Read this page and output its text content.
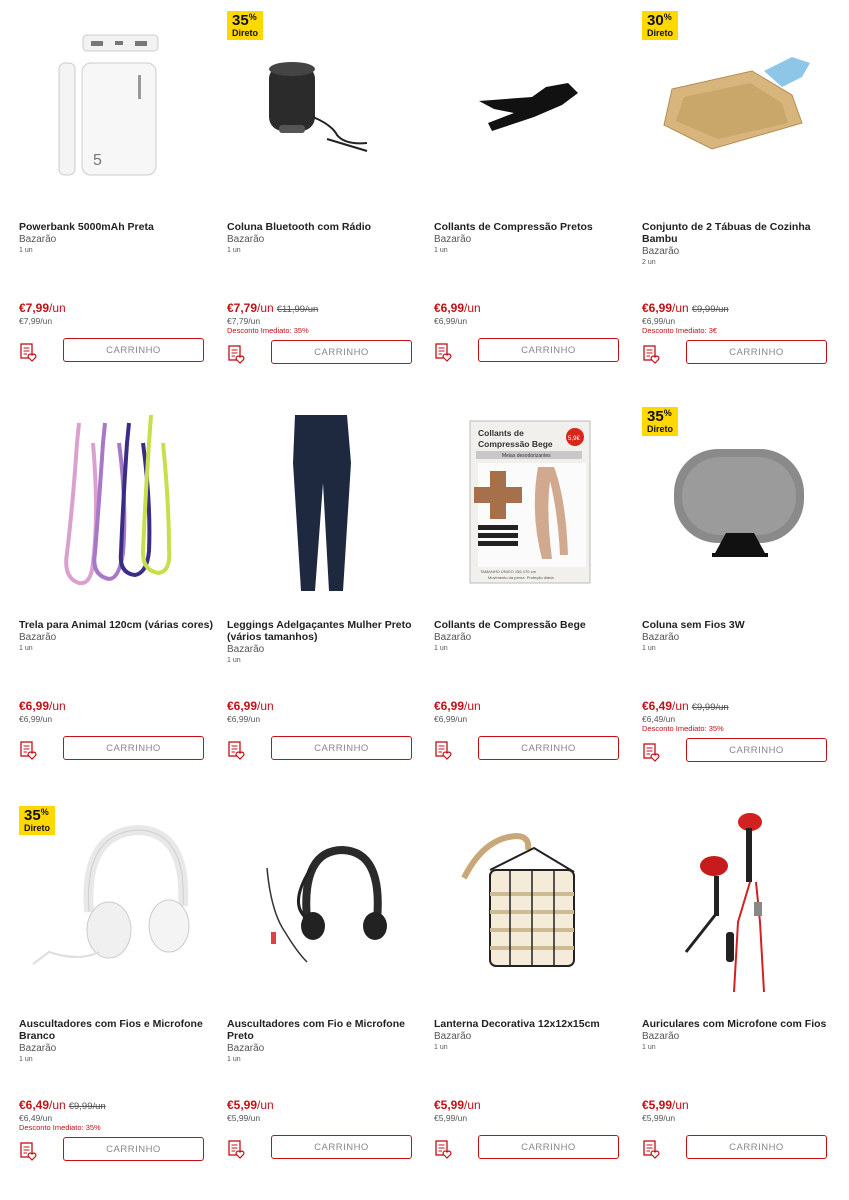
5
Powerbank 5000mAh Preta
Bazarão
1 un
€7,99/un
€7,99/un
CARRINHO
35%
Direto
Coluna Bluetooth com Rádio
Bazarão
1 un
€7,79/un €11,99/un
€7,79/un
Desconto Imediato: 35%
CARRINHO
Collants de Compressão Pretos
Bazarão
1 un
€6,99/un
€6,99/un
CARRINHO
30%
Direto
Conjunto de 2 Tábuas de Cozinha Bambu
Bazarão
2 un
€6,99/un €9,99/un
€6,99/un
Desconto Imediato: 3€
CARRINHO
Trela para Animal 120cm (várias cores)
Bazarão
1 un
€6,99/un
€6,99/un
CARRINHO
Leggings Adelgaçantes Mulher Preto (vários tamanhos)
Bazarão
1 un
€6,99/un
€6,99/un
CARRINHO
Collants de
Compressão Bege	5,9€
Meias desodorizantes
TAMANHO ÚNICO 155-170 cm
Movimento da perna. Proteção diária
Collants de Compressão Bege
Bazarão
1 un
€6,99/un
€6,99/un
CARRINHO
35%
Direto
Coluna sem Fios 3W
Bazarão
1 un
€6,49/un €9,99/un
€6,49/un
Desconto Imediato: 35%
CARRINHO
35%
Direto
Auscultadores com Fios e Microfone Branco
Bazarão
1 un
€6,49/un €9,99/un
€6,49/un
Desconto Imediato: 35%
CARRINHO
Auscultadores com Fio e Microfone Preto
Bazarão
1 un
€5,99/un
€5,99/un
CARRINHO
Lanterna Decorativa 12x12x15cm
Bazarão
1 un
€5,99/un
€5,99/un
CARRINHO
Auriculares com Microfone com Fios
Bazarão
1 un
€5,99/un
€5,99/un
CARRINHO
